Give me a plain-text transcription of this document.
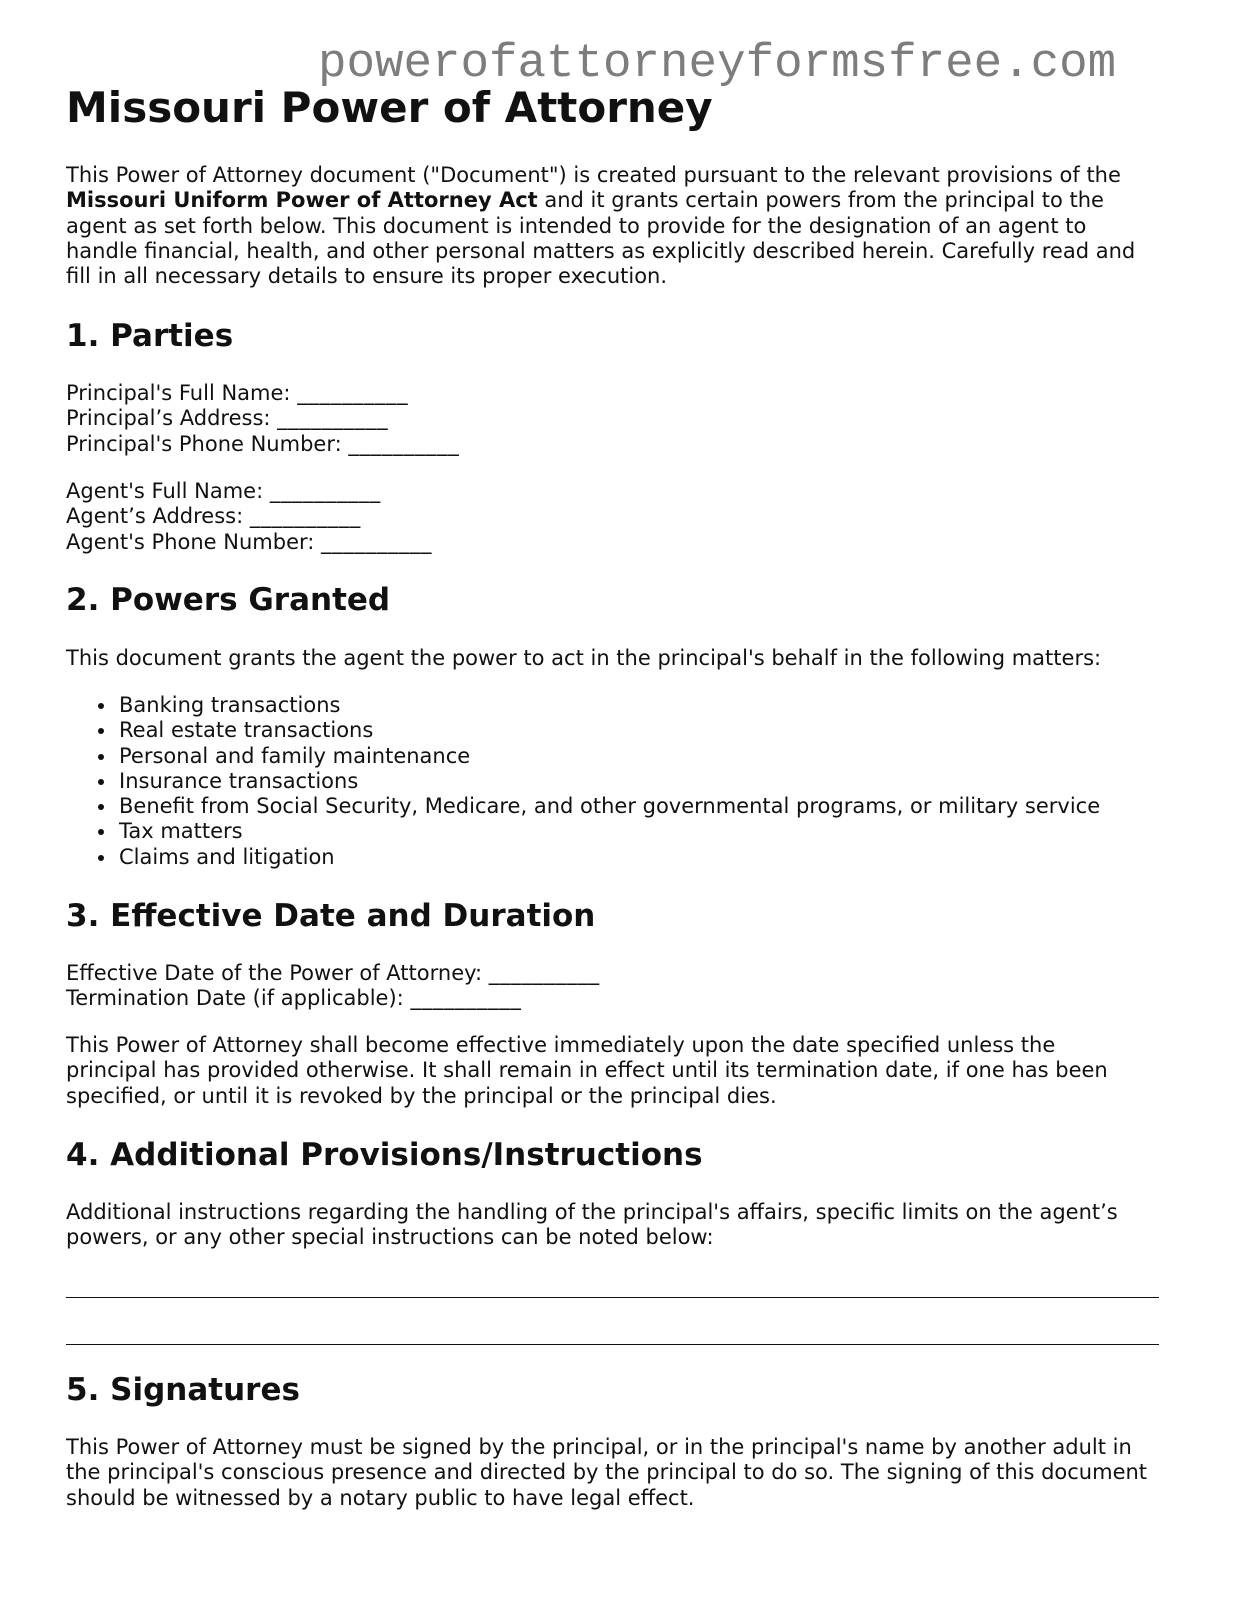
powerofattorneyformsfree.com
Missouri Power of Attorney

This Power of Attorney document ("Document") is created pursuant to the relevant provisions of the Missouri Uniform Power of Attorney Act and it grants certain powers from the principal to the agent as set forth below. This document is intended to provide for the designation of an agent to handle financial, health, and other personal matters as explicitly described herein. Carefully read and fill in all necessary details to ensure its proper execution.

1. Parties
Principal's Full Name: __________
Principal’s Address: __________
Principal's Phone Number: __________
Agent's Full Name: __________
Agent’s Address: __________
Agent's Phone Number: __________
2. Powers Granted

This document grants the agent the power to act in the principal's behalf in the following matters:

Banking transactions
Real estate transactions
Personal and family maintenance
Insurance transactions
Benefit from Social Security, Medicare, and other governmental programs, or military service
Tax matters
Claims and litigation
3. Effective Date and Duration
Effective Date of the Power of Attorney: __________
Termination Date (if applicable): __________

This Power of Attorney shall become effective immediately upon the date specified unless the principal has provided otherwise. It shall remain in effect until its termination date, if one has been specified, or until it is revoked by the principal or the principal dies.

4. Additional Provisions/Instructions

Additional instructions regarding the handling of the principal's affairs, specific limits on the agent’s powers, or any other special instructions can be noted below:

5. Signatures

This Power of Attorney must be signed by the principal, or in the principal's name by another adult in the principal's conscious presence and directed by the principal to do so. The signing of this document should be witnessed by a notary public to have legal effect.
